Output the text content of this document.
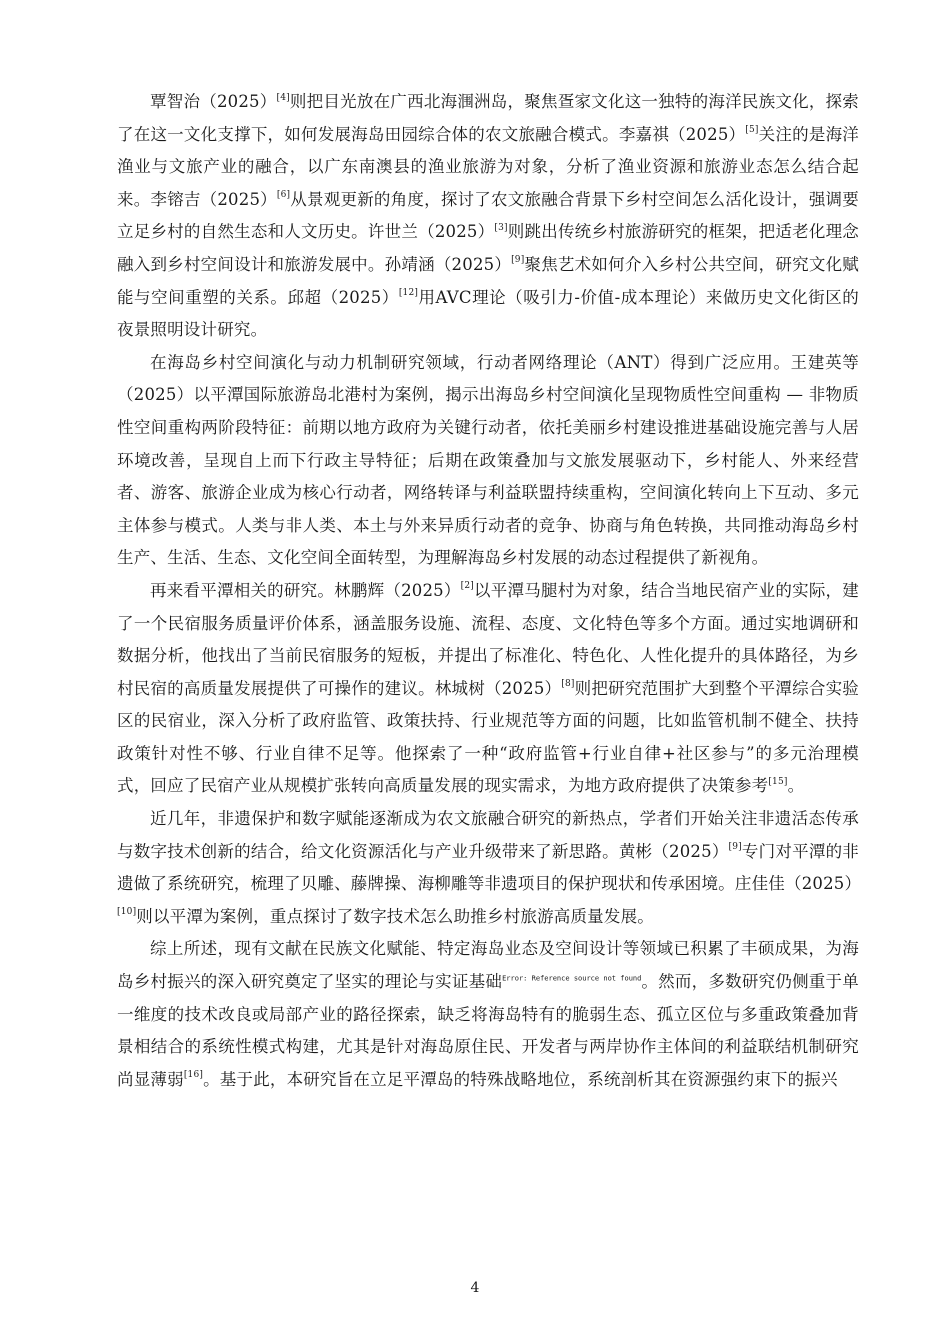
覃智治（2025）[4]则把目光放在广西北海涠洲岛，聚焦疍家文化这一独特的海洋民族文化，探索了在这一文化支撑下，如何发展海岛田园综合体的农文旅融合模式。李嘉祺（2025）[5]关注的是海洋渔业与文旅产业的融合，以广东南澳县的渔业旅游为对象，分析了渔业资源和旅游业态怎么结合起来。李镕吉（2025）[6]从景观更新的角度，探讨了农文旅融合背景下乡村空间怎么活化设计，强调要立足乡村的自然生态和人文历史。许世兰（2025）[3]则跳出传统乡村旅游研究的框架，把适老化理念融入到乡村空间设计和旅游发展中。孙靖涵（2025）[9]聚焦艺术如何介入乡村公共空间，研究文化赋能与空间重塑的关系。邱超（2025）[12]用AVC理论（吸引力-价值-成本理论）来做历史文化街区的夜景照明设计研究。

在海岛乡村空间演化与动力机制研究领域，行动者网络理论（ANT）得到广泛应用。王建英等（2025）以平潭国际旅游岛北港村为案例，揭示出海岛乡村空间演化呈现物质性空间重构 — 非物质性空间重构两阶段特征：前期以地方政府为关键行动者，依托美丽乡村建设推进基础设施完善与人居环境改善，呈现自上而下行政主导特征；后期在政策叠加与文旅发展驱动下，乡村能人、外来经营者、游客、旅游企业成为核心行动者，网络转译与利益联盟持续重构，空间演化转向上下互动、多元主体参与模式。人类与非人类、本土与外来异质行动者的竞争、协商与角色转换，共同推动海岛乡村生产、生活、生态、文化空间全面转型，为理解海岛乡村发展的动态过程提供了新视角。

再来看平潭相关的研究。林鹏辉（2025）[2]以平潭马腿村为对象，结合当地民宿产业的实际，建了一个民宿服务质量评价体系，涵盖服务设施、流程、态度、文化特色等多个方面。通过实地调研和数据分析，他找出了当前民宿服务的短板，并提出了标准化、特色化、人性化提升的具体路径，为乡村民宿的高质量发展提供了可操作的建议。林城树（2025）[8]则把研究范围扩大到整个平潭综合实验区的民宿业，深入分析了政府监管、政策扶持、行业规范等方面的问题，比如监管机制不健全、扶持政策针对性不够、行业自律不足等。他探索了一种“政府监管+行业自律+社区参与”的多元治理模式，回应了民宿产业从规模扩张转向高质量发展的现实需求，为地方政府提供了决策参考[15]。

近几年，非遗保护和数字赋能逐渐成为农文旅融合研究的新热点，学者们开始关注非遗活态传承与数字技术创新的结合，给文化资源活化与产业升级带来了新思路。黄彬（2025）[9]专门对平潭的非遗做了系统研究，梳理了贝雕、藤牌操、海柳雕等非遗项目的保护现状和传承困境。庄佳佳（2025）[10]则以平潭为案例，重点探讨了数字技术怎么助推乡村旅游高质量发展。

综上所述，现有文献在民族文化赋能、特定海岛业态及空间设计等领域已积累了丰硕成果，为海岛乡村振兴的深入研究奠定了坚实的理论与实证基础$^{Error: Reference source not found}$。然而，多数研究仍侧重于单一维度的技术改良或局部产业的路径探索，缺乏将海岛特有的脆弱生态、孤立区位与多重政策叠加背景相结合的系统性模式构建，尤其是针对海岛原住民、开发者与两岸协作主体间的利益联结机制研究尚显薄弱[16]。基于此，本研究旨在立足平潭岛的特殊战略地位，系统剖析其在资源强约束下的振兴

4
